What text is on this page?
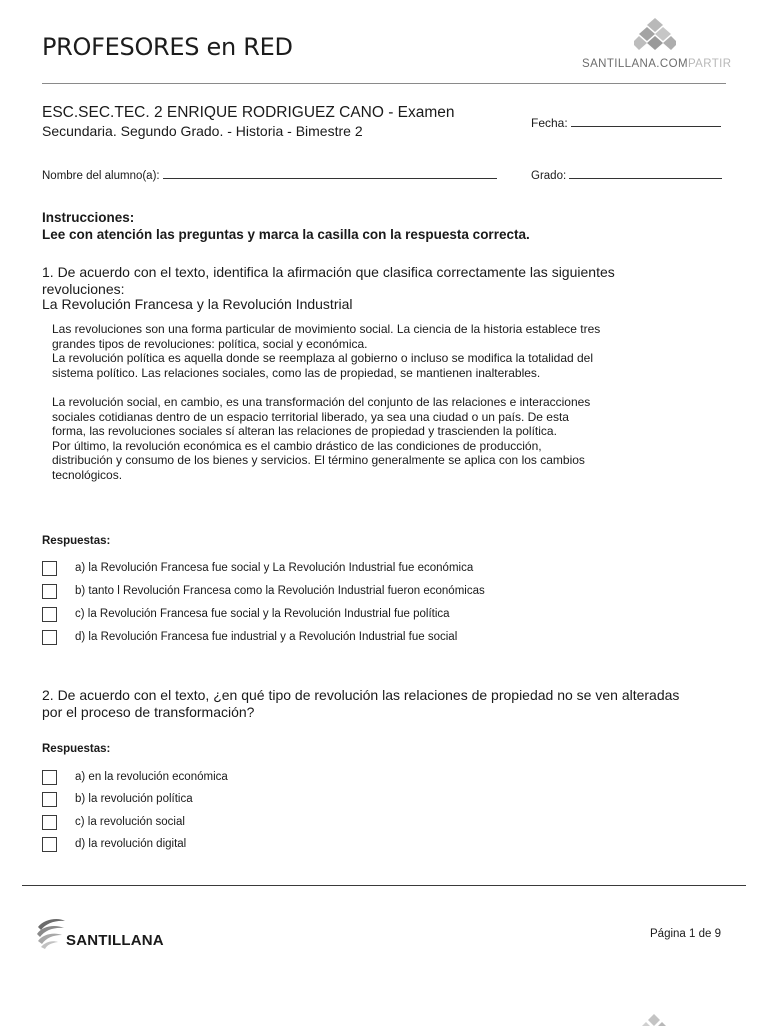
PROFESORES en RED
SANTILLANA.COMPARTIR
ESC.SEC.TEC. 2 ENRIQUE RODRIGUEZ CANO - Examen
Secundaria. Segundo Grado. - Historia - Bimestre 2	Fecha:
Nombre del alumno(a):	Grado:
Instrucciones:
Lee con atención las preguntas y marca la casilla con la respuesta correcta.
1. De acuerdo con el texto, identifica la afirmación que clasifica correctamente las siguientes revoluciones:
La Revolución Francesa y la Revolución Industrial

Las revoluciones son una forma particular de movimiento social. La ciencia de la historia establece tres grandes tipos de revoluciones: política, social y económica.

La revolución política es aquella donde se reemplaza al gobierno o incluso se modifica la totalidad del sistema político. Las relaciones sociales, como las de propiedad, se mantienen inalterables.

La revolución social, en cambio, es una transformación del conjunto de las relaciones e interacciones sociales cotidianas dentro de un espacio territorial liberado, ya sea una ciudad o un país. De esta forma, las revoluciones sociales sí alteran las relaciones de propiedad y trascienden la política.

Por último, la revolución económica es el cambio drástico de las condiciones de producción, distribución y consumo de los bienes y servicios. El término generalmente se aplica con los cambios tecnológicos.

Respuestas:
a) la Revolución Francesa fue social y La Revolución Industrial fue económica
b) tanto l Revolución Francesa como la Revolución Industrial fueron económicas
c) la Revolución Francesa fue social y la Revolución Industrial fue política
d) la Revolución Francesa fue industrial y a Revolución Industrial fue social
2. De acuerdo con el texto, ¿en qué tipo de revolución las relaciones de propiedad no se ven alteradas por el proceso de transformación?
Respuestas:
a) en la revolución económica
b) la revolución política
c) la revolución social
d) la revolución digital
SANTILLANA	Página 1 de 9
